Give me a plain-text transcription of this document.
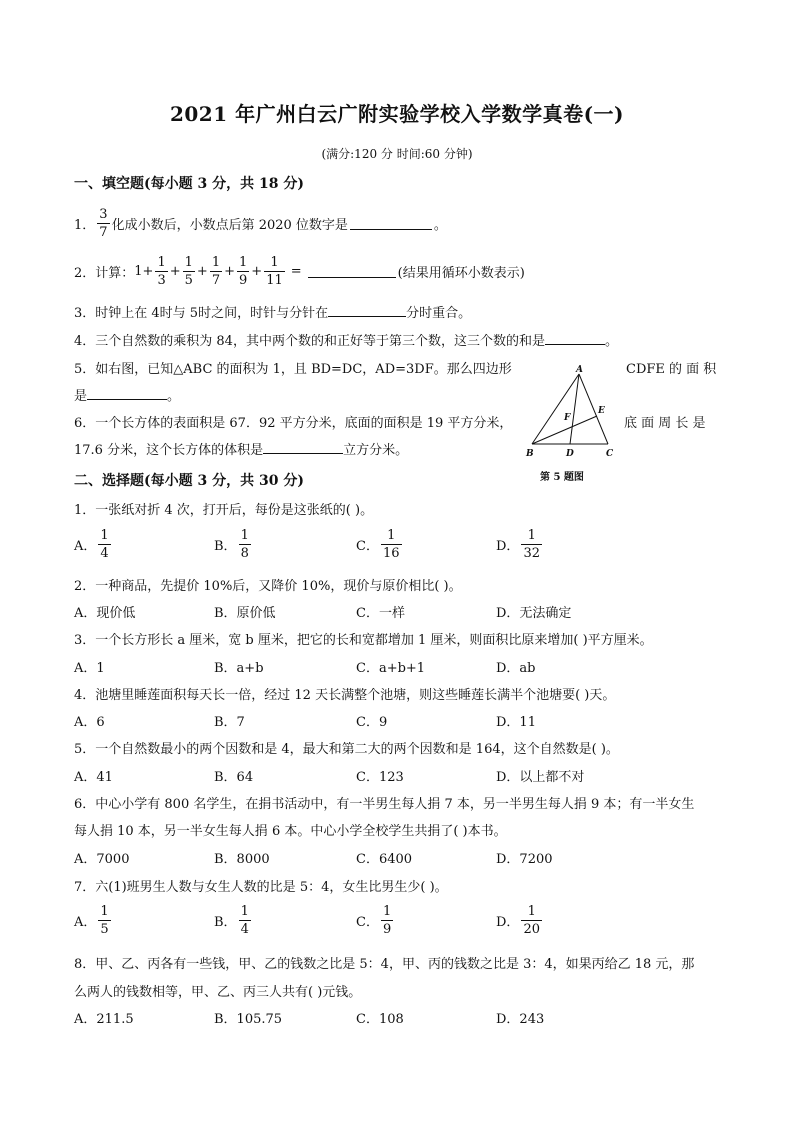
2021 年广州白云广附实验学校入学数学真卷(一)
(满分:120 分 时间:60 分钟)
一、填空题(每小题 3 分，共 18 分)
1． $\frac{3}{7}$ 化成小数后，小数点后第 2020 位数字是	。
2．计算： $1+ \frac{1}{3} + \frac{1}{5} + \frac{1}{7} + \frac{1}{9} + \frac{1}{11}$ =	(结果用循环小数表示)
3．时钟上在 4时与 5时之间，时针与分针在	分时重合。
4．三个自然数的乘积为 84，其中两个数的和正好等于第三个数，这三个数的和是	。
5．如右图，已知△ABC 的面积为 1，且 BD=DC，AD=3DF。那么四边形	CDFE 的 面 积
是	。
6．一个长方体的表面积是 67．92 平方分米，底面的面积是 19 平方分米，	底 面 周 长 是
17.6 分米，这个长方体的体积是	立方分米。
A
B	D	C
E
F
第 5 题图
二、选择题(每小题 3 分，共 30 分)
1．一张纸对折 4 次，打开后，每份是这张纸的( )。
A． $\frac{1}{4}$	B． $\frac{1}{8}$	C． $\frac{1}{16}$	D． $\frac{1}{32}$
2．一种商品，先提价 10%后，又降价 10%，现价与原价相比( )。
A．现价低	B．原价低	C．一样	D．无法确定
3．一个长方形长 a 厘米，宽 b 厘米，把它的长和宽都增加 1 厘米，则面积比原来增加( )平方厘米。
A．1	B．a+b	C．a+b+1	D．ab
4．池塘里睡莲面积每天长一倍，经过 12 天长满整个池塘，则这些睡莲长满半个池塘要( )天。
A．6	B．7	C．9	D．11
5．一个自然数最小的两个因数和是 4，最大和第二大的两个因数和是 164，这个自然数是( )。
A．41	B．64	C．123	D．以上都不对
6．中心小学有 800 名学生，在捐书活动中，有一半男生每人捐 7 本，另一半男生每人捐 9 本；有一半女生
每人捐 10 本，另一半女生每人捐 6 本。中心小学全校学生共捐了( )本书。
A．7000	B．8000	C．6400	D．7200
7．六(1)班男生人数与女生人数的比是 5：4，女生比男生少( )。
A． $\frac{1}{5}$	B． $\frac{1}{4}$	C． $\frac{1}{9}$	D． $\frac{1}{20}$
8．甲、乙、丙各有一些钱，甲、乙的钱数之比是 5：4，甲、丙的钱数之比是 3：4，如果丙给乙 18 元，那
么两人的钱数相等，甲、乙、丙三人共有( )元钱。
A．211.5	B．105.75	C．108	D．243
